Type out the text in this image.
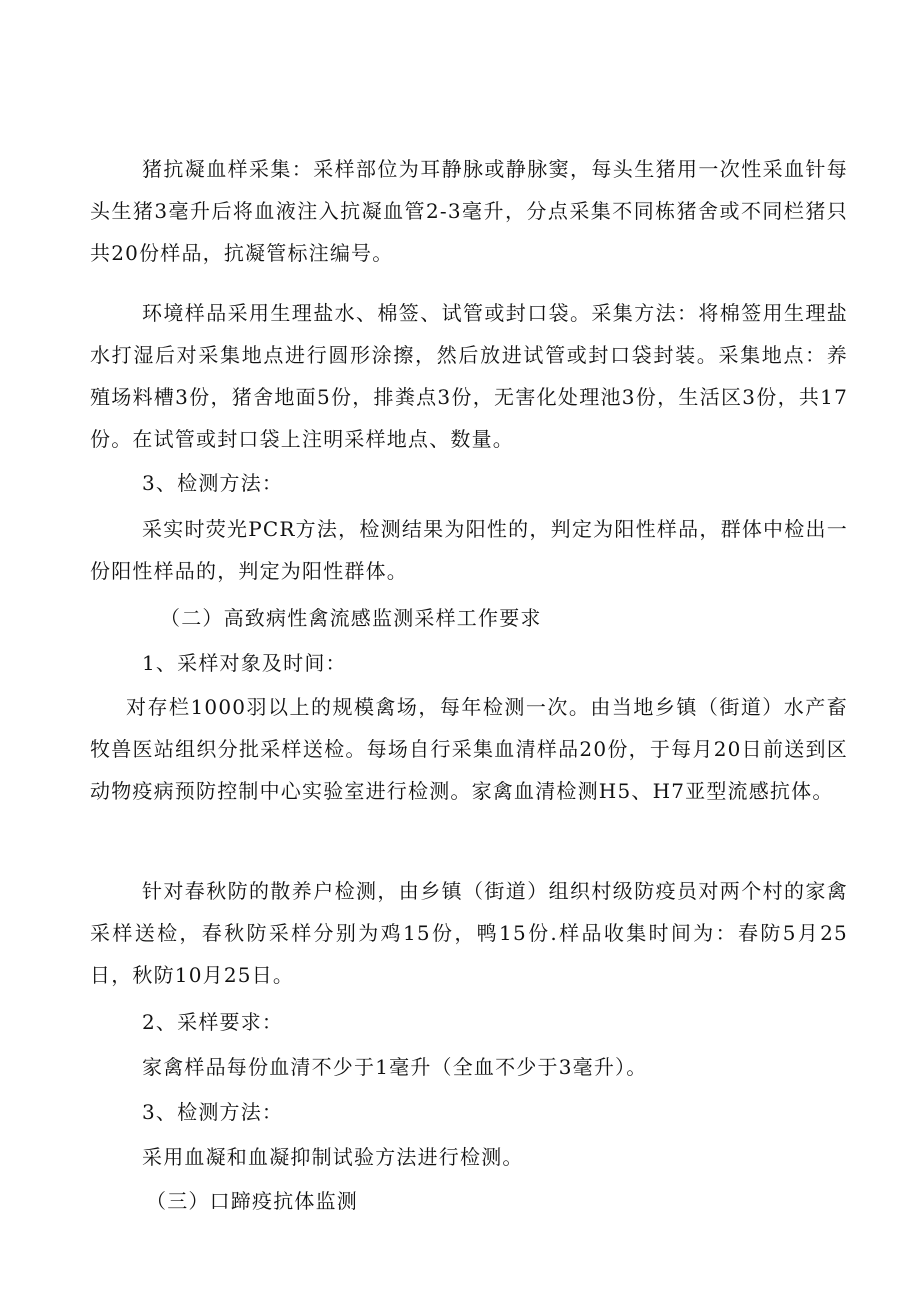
猪抗凝血样采集：采样部位为耳静脉或静脉窦，每头生猪用一次性采血针每头生猪3毫升后将血液注入抗凝血管2-3毫升，分点采集不同栋猪舍或不同栏猪只共20份样品，抗凝管标注编号。

环境样品采用生理盐水、棉签、试管或封口袋。采集方法：将棉签用生理盐水打湿后对采集地点进行圆形涂擦，然后放进试管或封口袋封装。采集地点：养殖场料槽3份，猪舍地面5份，排粪点3份，无害化处理池3份，生活区3份，共17份。在试管或封口袋上注明采样地点、数量。

3、检测方法：

采实时荧光PCR方法，检测结果为阳性的，判定为阳性样品，群体中检出一份阳性样品的，判定为阳性群体。

（二）高致病性禽流感监测采样工作要求

1、采样对象及时间：

对存栏1000羽以上的规模禽场，每年检测一次。由当地乡镇（街道）水产畜牧兽医站组织分批采样送检。每场自行采集血清样品20份，于每月20日前送到区动物疫病预防控制中心实验室进行检测。家禽血清检测H5、H7亚型流感抗体。

针对春秋防的散养户检测，由乡镇（街道）组织村级防疫员对两个村的家禽采样送检，春秋防采样分别为鸡15份，鸭15份.样品收集时间为：春防5月25日，秋防10月25日。

2、采样要求：

家禽样品每份血清不少于1毫升（全血不少于3毫升）。

3、检测方法：

采用血凝和血凝抑制试验方法进行检测。

（三）口蹄疫抗体监测
